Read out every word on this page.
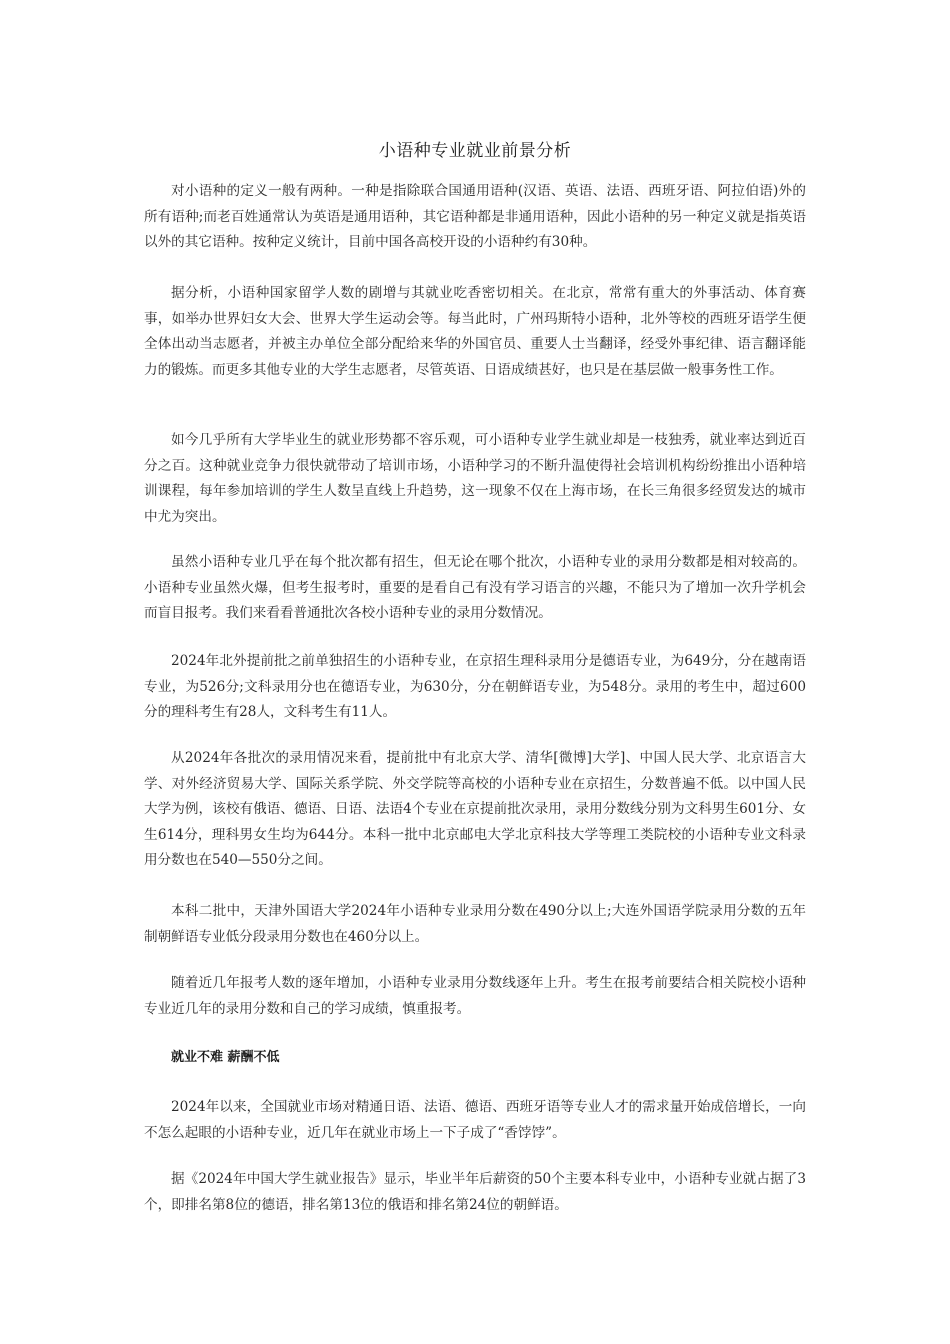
小语种专业就业前景分析

对小语种的定义一般有两种。一种是指除联合国通用语种(汉语、英语、法语、西班牙语、阿拉伯语)外的所有语种;而老百姓通常认为英语是通用语种，其它语种都是非通用语种，因此小语种的另一种定义就是指英语以外的其它语种。按种定义统计，目前中国各高校开设的小语种约有30种。

据分析，小语种国家留学人数的剧增与其就业吃香密切相关。在北京，常常有重大的外事活动、体育赛事，如举办世界妇女大会、世界大学生运动会等。每当此时，广州玛斯特小语种，北外等校的西班牙语学生便全体出动当志愿者，并被主办单位全部分配给来华的外国官员、重要人士当翻译，经受外事纪律、语言翻译能力的锻炼。而更多其他专业的大学生志愿者，尽管英语、日语成绩甚好，也只是在基层做一般事务性工作。

如今几乎所有大学毕业生的就业形势都不容乐观，可小语种专业学生就业却是一枝独秀，就业率达到近百分之百。这种就业竞争力很快就带动了培训市场，小语种学习的不断升温使得社会培训机构纷纷推出小语种培训课程，每年参加培训的学生人数呈直线上升趋势，这一现象不仅在上海市场，在长三角很多经贸发达的城市中尤为突出。

虽然小语种专业几乎在每个批次都有招生，但无论在哪个批次，小语种专业的录用分数都是相对较高的。小语种专业虽然火爆，但考生报考时，重要的是看自己有没有学习语言的兴趣，不能只为了增加一次升学机会而盲目报考。我们来看看普通批次各校小语种专业的录用分数情况。

2024年北外提前批之前单独招生的小语种专业，在京招生理科录用分是德语专业，为649分，分在越南语专业，为526分;文科录用分也在德语专业，为630分，分在朝鲜语专业，为548分。录用的考生中，超过600分的理科考生有28人，文科考生有11人。

从2024年各批次的录用情况来看，提前批中有北京大学、清华[微博]大学]、中国人民大学、北京语言大学、对外经济贸易大学、国际关系学院、外交学院等高校的小语种专业在京招生，分数普遍不低。以中国人民大学为例，该校有俄语、德语、日语、法语4个专业在京提前批次录用，录用分数线分别为文科男生601分、女生614分，理科男女生均为644分。本科一批中北京邮电大学北京科技大学等理工类院校的小语种专业文科录用分数也在540—550分之间。

本科二批中，天津外国语大学2024年小语种专业录用分数在490分以上;大连外国语学院录用分数的五年制朝鲜语专业低分段录用分数也在460分以上。

随着近几年报考人数的逐年增加，小语种专业录用分数线逐年上升。考生在报考前要结合相关院校小语种专业近几年的录用分数和自己的学习成绩，慎重报考。

就业不难 薪酬不低

2024年以来，全国就业市场对精通日语、法语、德语、西班牙语等专业人才的需求量开始成倍增长，一向不怎么起眼的小语种专业，近几年在就业市场上一下子成了“香饽饽”。

据《2024年中国大学生就业报告》显示，毕业半年后薪资的50个主要本科专业中，小语种专业就占据了3个，即排名第8位的德语，排名第13位的俄语和排名第24位的朝鲜语。
